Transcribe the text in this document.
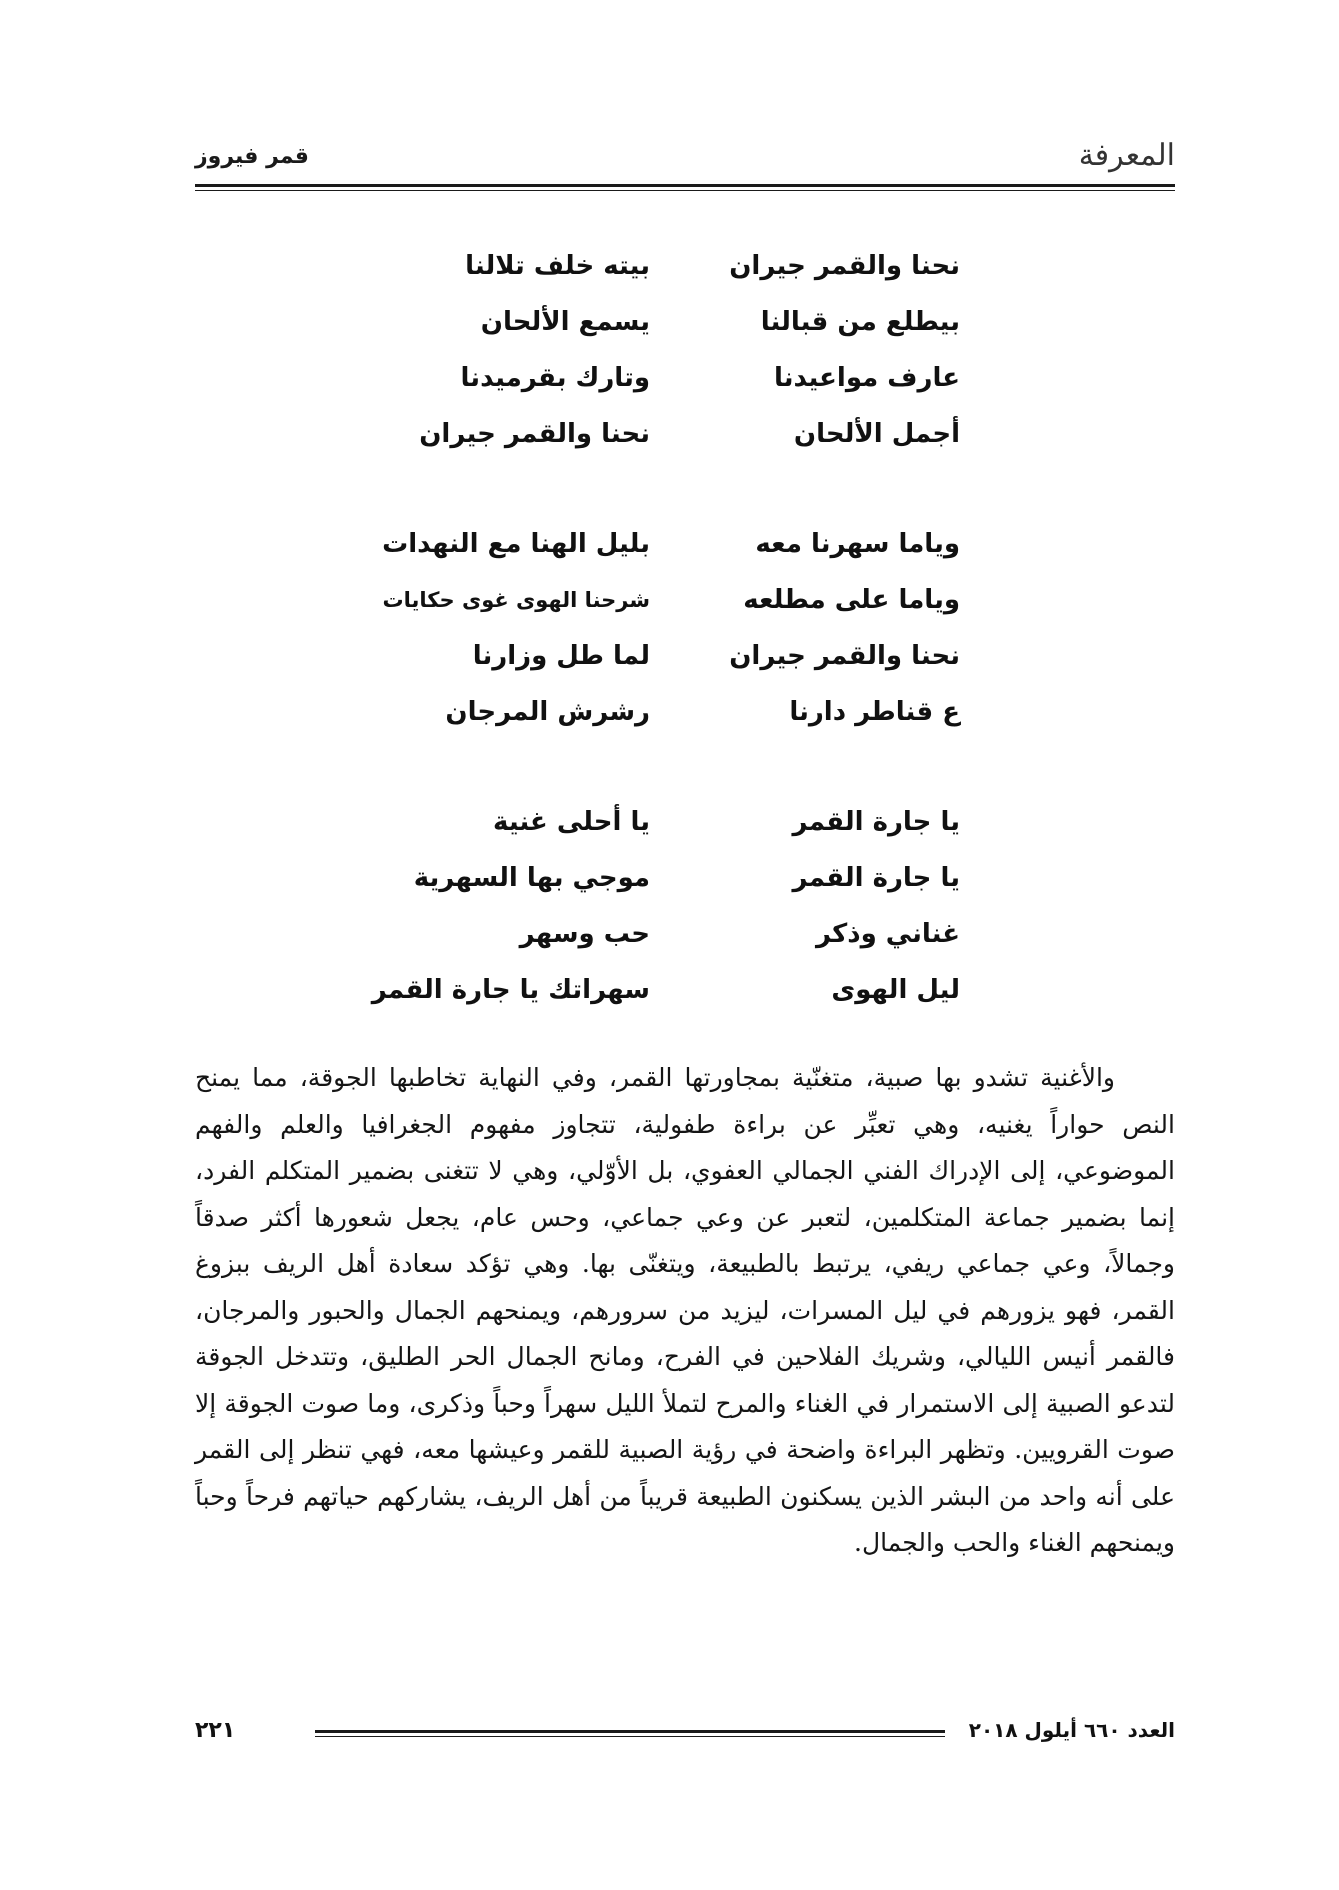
المعرفة
قمر فيروز
نحنا والقمر جيران
بيته خلف تلالنا
بيطلع من قبالنا
يسمع الألحان
عارف مواعيدنا
وتارك بقرميدنا
أجمل الألحان
نحنا والقمر جيران
وياما سهرنا معه
بليل الهنا مع النهدات
وياما على مطلعه
شرحنا الهوى غوى حكايات
نحنا والقمر جيران
لما طل وزارنا
ع قناطر دارنا
رشرش المرجان
يا جارة القمر
يا أحلى غنية
يا جارة القمر
موجي بها السهرية
غناني وذكر
حب وسهر
ليل الهوى
سهراتك يا جارة القمر

والأغنية تشدو بها صبية، متغنّية بمجاورتها القمر، وفي النهاية تخاطبها الجوقة، مما يمنح النص حواراً يغنيه، وهي تعبِّر عن براءة طفولية، تتجاوز مفهوم الجغرافيا والعلم والفهم الموضوعي، إلى الإدراك الفني الجمالي العفوي، بل الأوّلي، وهي لا تتغنى بضمير المتكلم الفرد، إنما بضمير جماعة المتكلمين، لتعبر عن وعي جماعي، وحس عام، يجعل شعورها أكثر صدقاً وجمالاً، وعي جماعي ريفي، يرتبط بالطبيعة، ويتغنّى بها. وهي تؤكد سعادة أهل الريف ببزوغ القمر، فهو يزورهم في ليل المسرات، ليزيد من سرورهم، ويمنحهم الجمال والحبور والمرجان، فالقمر أنيس الليالي، وشريك الفلاحين في الفرح، ومانح الجمال الحر الطليق، وتتدخل الجوقة لتدعو الصبية إلى الاستمرار في الغناء والمرح لتملأ الليل سهراً وحباً وذكرى، وما صوت الجوقة إلا صوت القرويين. وتظهر البراءة واضحة في رؤية الصبية للقمر وعيشها معه، فهي تنظر إلى القمر على أنه واحد من البشر الذين يسكنون الطبيعة قريباً من أهل الريف، يشاركهم حياتهم فرحاً وحباً ويمنحهم الغناء والحب والجمال.

العدد ٦٦٠ أيلول ٢٠١٨
٢٢١
